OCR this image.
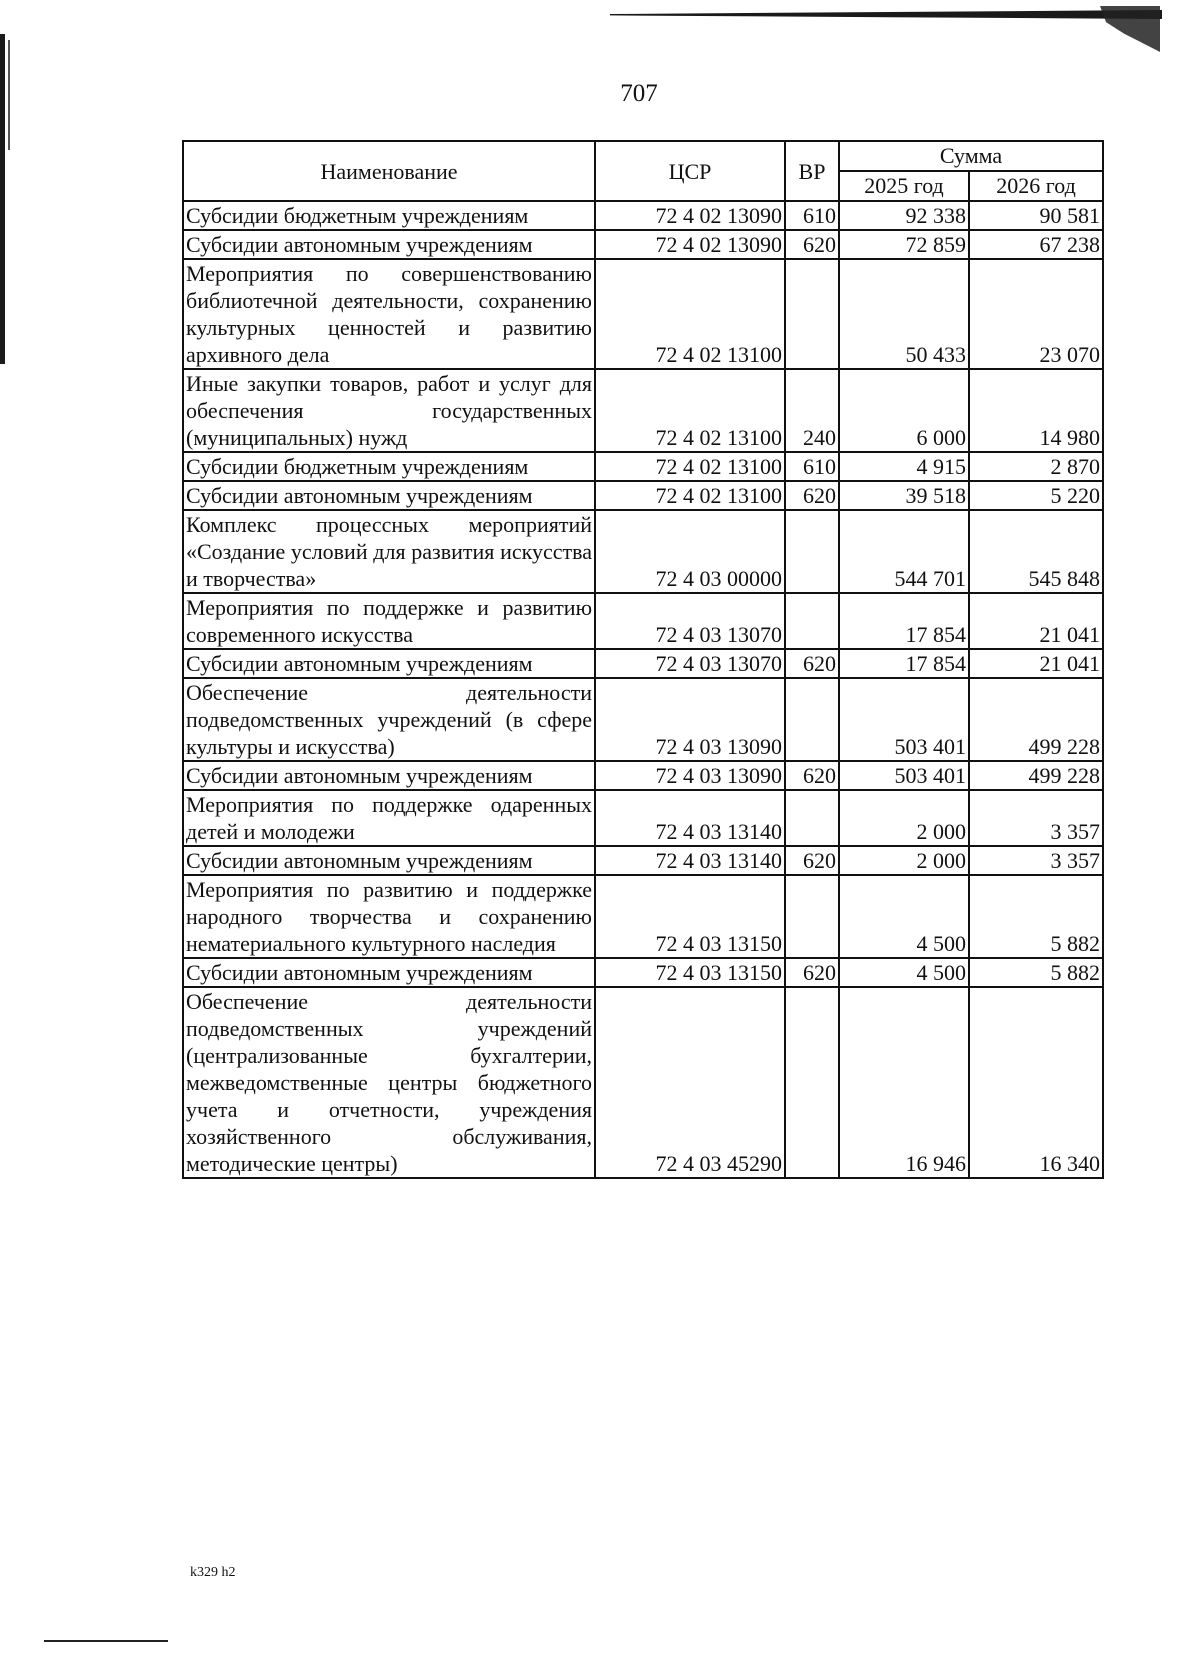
707
Наименование	ЦСР	ВР	Сумма	
			2025 год	2026 год
Субсидии бюджетным учреждениям	72 4 02 13090	610	92 338	90 581
Субсидии автономным учреждениям	72 4 02 13090	620	72 859	67 238
Мероприятия по совершенствованию библиотечной деятельности, сохранению культурных ценностей и развитию архивного дела	72 4 02 13100		50 433	23 070
Иные закупки товаров, работ и услуг для обеспечения государственных (муниципальных) нужд	72 4 02 13100	240	6 000	14 980
Субсидии бюджетным учреждениям	72 4 02 13100	610	4 915	2 870
Субсидии автономным учреждениям	72 4 02 13100	620	39 518	5 220
Комплекс процессных мероприятий «Создание условий для развития искусства и творчества»	72 4 03 00000		544 701	545 848
Мероприятия по поддержке и развитию современного искусства	72 4 03 13070		17 854	21 041
Субсидии автономным учреждениям	72 4 03 13070	620	17 854	21 041
Обеспечение деятельности подведомственных учреждений (в сфере культуры и искусства)	72 4 03 13090		503 401	499 228
Субсидии автономным учреждениям	72 4 03 13090	620	503 401	499 228
Мероприятия по поддержке одаренных детей и молодежи	72 4 03 13140		2 000	3 357
Субсидии автономным учреждениям	72 4 03 13140	620	2 000	3 357
Мероприятия по развитию и поддержке народного творчества и сохранению нематериального культурного наследия	72 4 03 13150		4 500	5 882
Субсидии автономным учреждениям	72 4 03 13150	620	4 500	5 882
Обеспечение деятельности подведомственных учреждений (централизованные бухгалтерии, межведомственные центры бюджетного учета и отчетности, учреждения хозяйственного обслуживания, методические центры)	72 4 03 45290		16 946	16 340
k329 h2
